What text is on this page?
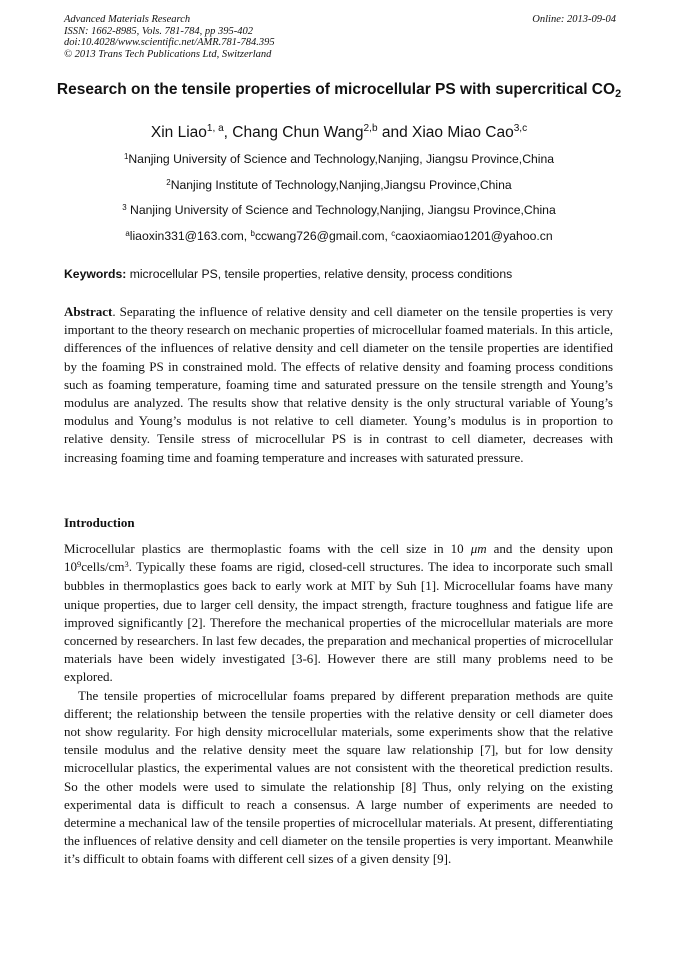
Advanced Materials Research
ISSN: 1662-8985, Vols. 781-784, pp 395-402
doi:10.4028/www.scientific.net/AMR.781-784.395
© 2013 Trans Tech Publications Ltd, Switzerland
Online: 2013-09-04
Research on the tensile properties of microcellular PS with supercritical $CO_2$
Xin Liao$^{1, a}$, Chang Chun Wang$^{2,b}$ and Xiao Miao Cao$^{3,c}$
$^1$Nanjing University of Science and Technology,Nanjing, Jiangsu Province,China
$^2$Nanjing Institute of Technology,Nanjing,Jiangsu Province,China
$^3$ Nanjing University of Science and Technology,Nanjing, Jiangsu Province,China
$^a$liaoxin331@163.com, $^b$ccwang726@gmail.com, $^c$caoxiaomiao1201@yahoo.cn
Keywords: microcellular PS, tensile properties, relative density, process conditions
Abstract. Separating the influence of relative density and cell diameter on the tensile properties is very important to the theory research on mechanic properties of microcellular foamed materials. In this article, differences of the influences of relative density and cell diameter on the tensile properties are identified by the foaming PS in constrained mold. The effects of relative density and foaming process conditions such as foaming temperature, foaming time and saturated pressure on the tensile strength and Young’s modulus are analyzed. The results show that relative density is the only structural variable of Young’s modulus and Young’s modulus is not relative to cell diameter. Young’s modulus is in proportion to relative density. Tensile stress of microcellular PS is in contrast to cell diameter, decreases with increasing foaming time and foaming temperature and increases with saturated pressure.
Introduction
Microcellular plastics are thermoplastic foams with the cell size in 10 μm and the density upon $10^9cells/cm^3$. Typically these foams are rigid, closed-cell structures. The idea to incorporate such small bubbles in thermoplastics goes back to early work at MIT by Suh [1]. Microcellular foams have many unique properties, due to larger cell density, the impact strength, fracture toughness and fatigue life are improved significantly [2]. Therefore the mechanical properties of the microcellular materials are more concerned by researchers. In last few decades, the preparation and mechanical properties of microcellular materials have been widely investigated [3-6]. However there are still many problems need to be explored.
The tensile properties of microcellular foams prepared by different preparation methods are quite different; the relationship between the tensile properties with the relative density or cell diameter does not show regularity. For high density microcellular materials, some experiments show that the relative tensile modulus and the relative density meet the square law relationship [7], but for low density microcellular plastics, the experimental values are not consistent with the theoretical prediction results. So the other models were used to simulate the relationship [8] Thus, only relying on the existing experimental data is difficult to reach a consensus. A large number of experiments are needed to determine a mechanical law of the tensile properties of microcellular materials. At present, differentiating the influences of relative density and cell diameter on the tensile properties is very important. Meanwhile it’s difficult to obtain foams with different cell sizes of a given density [9].
